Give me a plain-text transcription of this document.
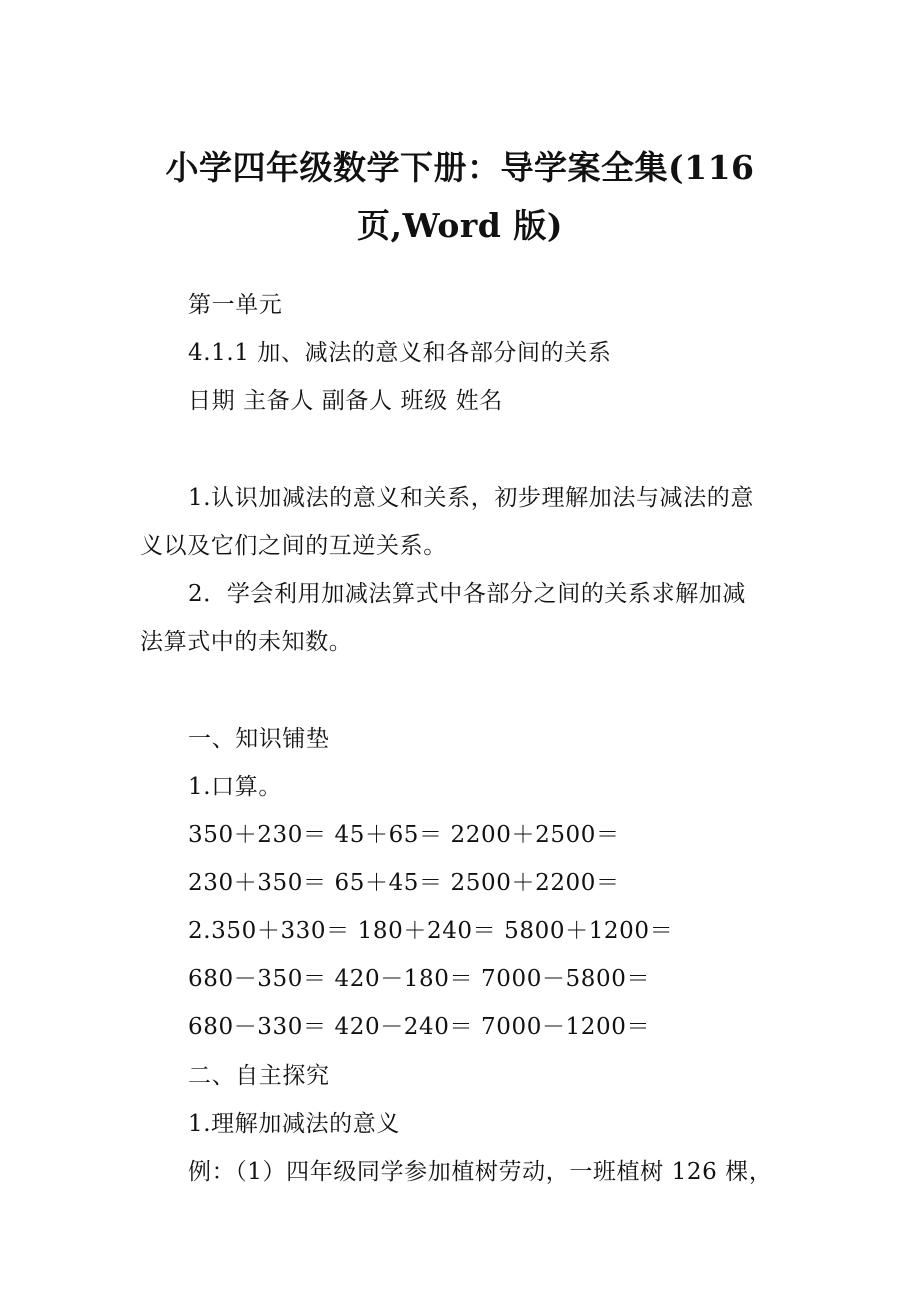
小学四年级数学下册：导学案全集(116
页,Word 版)
第一单元
4.1.1 加、减法的意义和各部分间的关系
日期 主备人 副备人 班级 姓名
1.认识加减法的意义和关系，初步理解加法与减法的意
义以及它们之间的互逆关系。
2．学会利用加减法算式中各部分之间的关系求解加减
法算式中的未知数。
一、知识铺垫
1.口算。
350＋230＝ 45＋65＝ 2200＋2500＝
230＋350＝ 65＋45＝ 2500＋2200＝
2.350＋330＝ 180＋240＝ 5800＋1200＝
680－350＝ 420－180＝ 7000－5800＝
680－330＝ 420－240＝ 7000－1200＝
二、自主探究
1.理解加减法的意义
例：（1）四年级同学参加植树劳动，一班植树 126 棵，
